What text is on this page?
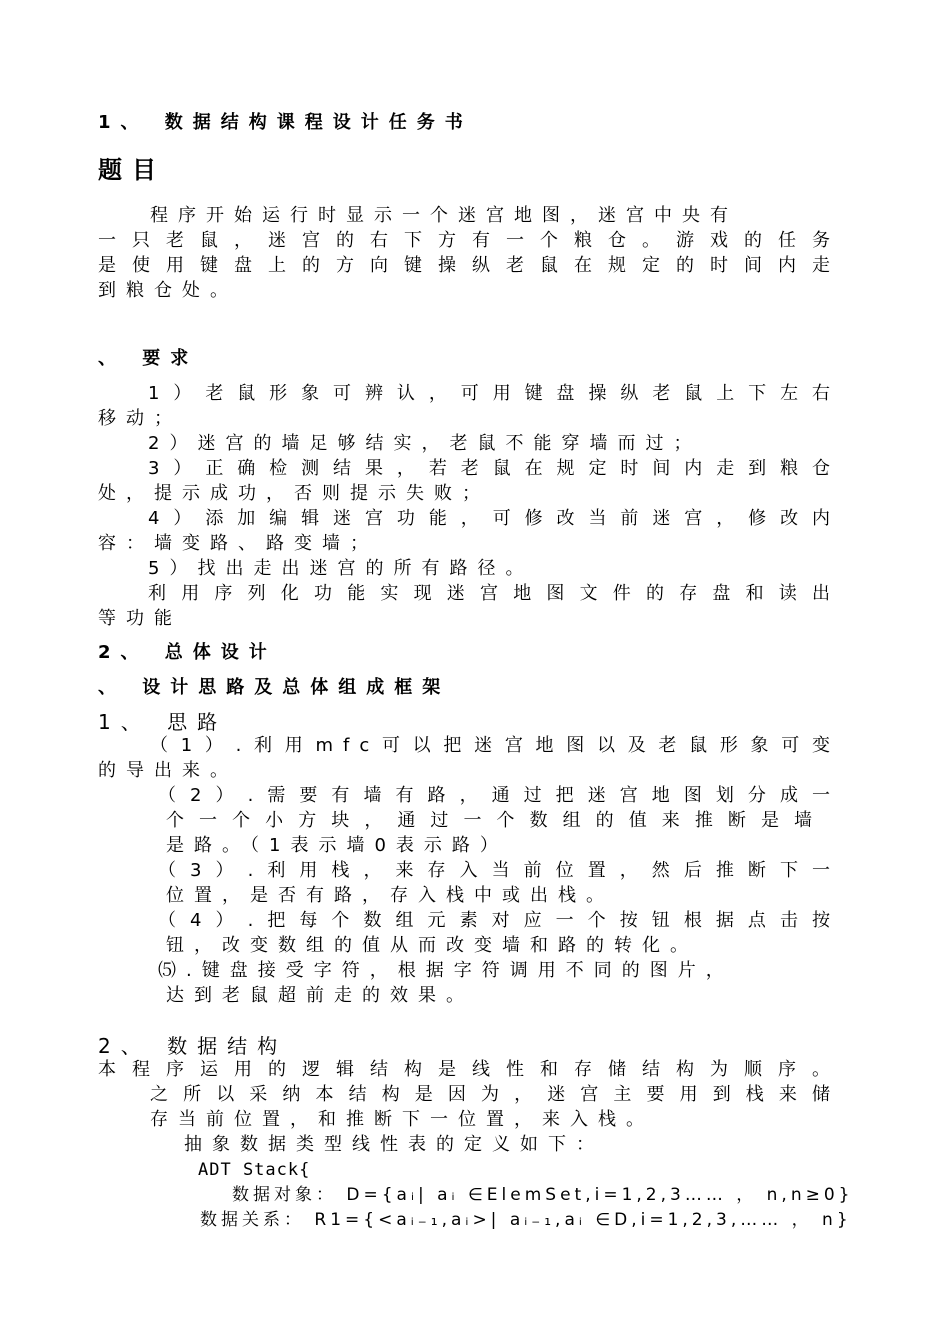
1、 数据结构课程设计任务书
题目
程序开始运行时显示一个迷宫地图，迷宫中央有
一只老鼠，迷宫的右下方有一个粮仓。游戏的任务
是使用键盘上的方向键操纵老鼠在规定的时间内走
到粮仓处。
、 要求
1）老鼠形象可辨认，可用键盘操纵老鼠上下左右
移动；
2）迷宫的墙足够结实，老鼠不能穿墙而过；
3）正确检测结果，若老鼠在规定时间内走到粮仓
处，提示成功，否则提示失败；
4）添加编辑迷宫功能，可修改当前迷宫，修改内
容：墙变路、路变墙；
5）找出走出迷宫的所有路径。
利用序列化功能实现迷宫地图文件的存盘和读出
等功能
2、 总体设计
、 设计思路及总体组成框架
1、 思路
（1）.利用mfc可以把迷宫地图以及老鼠形象可变
的导出来。
（2）.需要有墙有路，通过把迷宫地图划分成一
个一个小方块，通过一个数组的值来推断是墙
是路。（1表示墙0表示路）
（3）.利用栈，来存入当前位置，然后推断下一
位置，是否有路，存入栈中或出栈。
（4）.把每个数组元素对应一个按钮根据点击按
钮，改变数组的值从而改变墙和路的转化。
⑸.键盘接受字符，根据字符调用不同的图片，
达到老鼠超前走的效果。
2、 数据结构
本程序运用的逻辑结构是线性和存储结构为顺序。
之所以采纳本结构是因为，迷宫主要用到栈来储
存当前位置，和推断下一位置，来入栈。
抽象数据类型线性表的定义如下：
ADT Stack{
数据对象： D={aᵢ| aᵢ ∈ElemSet,i=1,2,3…… ， n,n≥0}
数据关系： R1={<aᵢ₋₁,aᵢ>| aᵢ₋₁,aᵢ ∈D,i=1,2,3,…… ， n}
